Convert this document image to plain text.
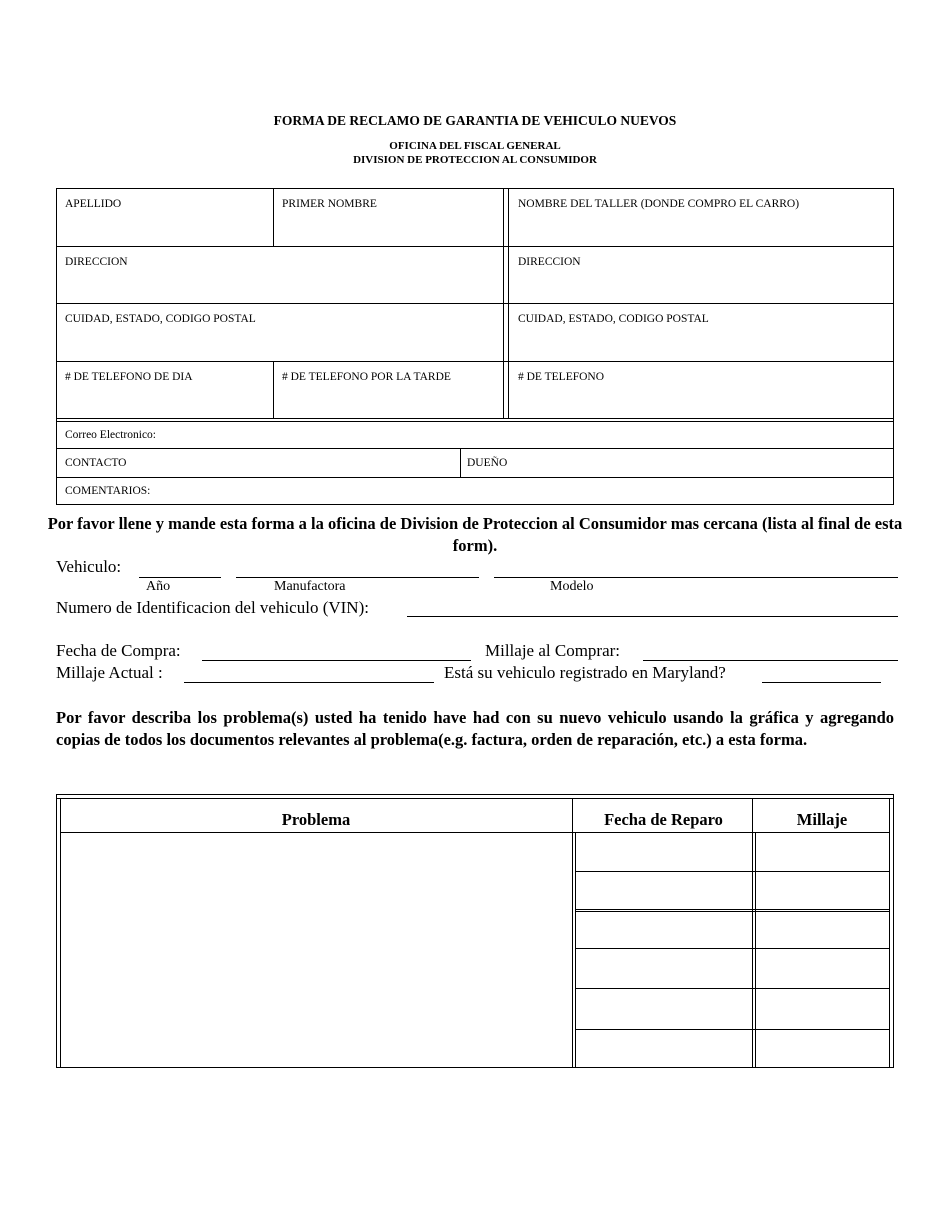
FORMA DE RECLAMO DE GARANTIA DE VEHICULO NUEVOS
OFICINA DEL FISCAL GENERAL
DIVISION DE PROTECCION AL CONSUMIDOR
APELLIDO	PRIMER NOMBRE	NOMBRE DEL TALLER (DONDE COMPRO EL CARRO)
DIRECCION	DIRECCION
CUIDAD, ESTADO, CODIGO POSTAL	CUIDAD, ESTADO, CODIGO POSTAL
# DE TELEFONO DE DIA	# DE TELEFONO POR LA TARDE	# DE TELEFONO
Correo Electronico:
CONTACTO	DUEÑO
COMENTARIOS:
Por favor llene y mande esta forma a la oficina de Division de Proteccion al Consumidor mas cercana (lista al final de esta form).
Vehiculo:
Año	Manufactora	Modelo
Numero de Identificacion del vehiculo (VIN):
Fecha de Compra:	Millaje al Comprar:
Millaje Actual :	Está su vehiculo registrado en Maryland?
Por favor describa los problema(s) usted ha tenido have had con su nuevo vehiculo usando la gráfica y agregando copias de todos los documentos relevantes al problema(e.g. factura, orden de reparación, etc.) a esta forma.
Problema	Fecha de Reparo	Millaje
